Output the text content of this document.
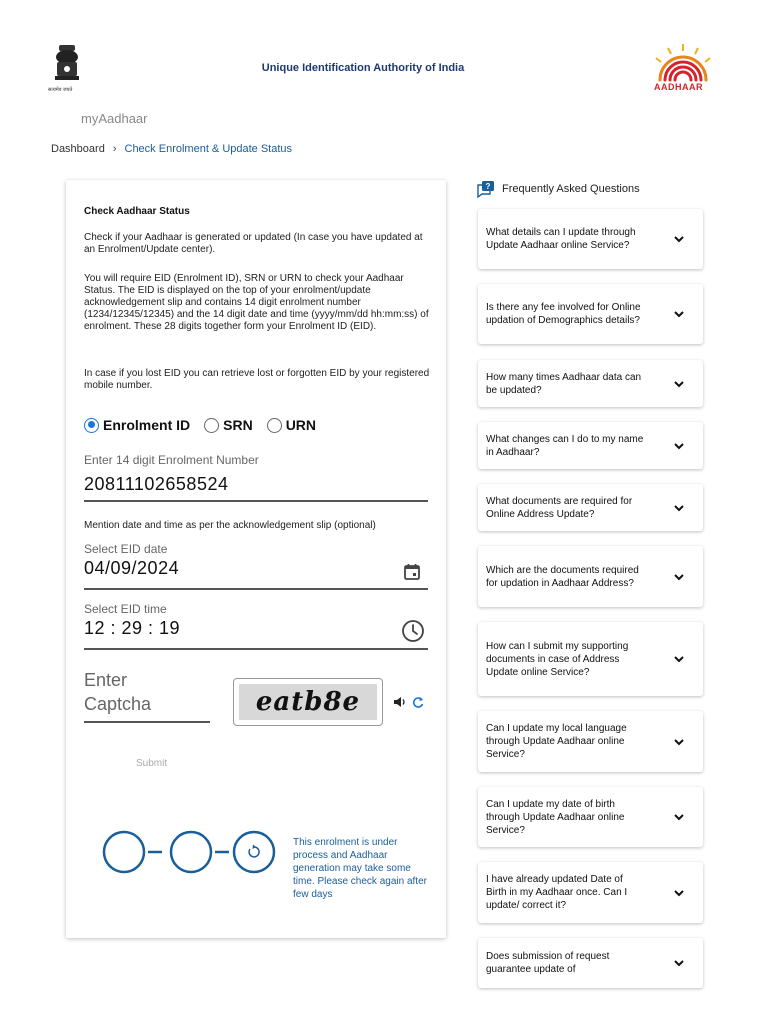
सत्यमेव जयते
Unique Identification Authority of India
AADHAAR
myAadhaar
Dashboard › Check Enrolment & Update Status
Check Aadhaar Status
Check if your Aadhaar is generated or updated (In case you have updated at an Enrolment/Update center).
You will require EID (Enrolment ID), SRN or URN to check your Aadhaar Status. The EID is displayed on the top of your enrolment/update acknowledgement slip and contains 14 digit enrolment number (1234/12345/12345) and the 14 digit date and time (yyyy/mm/dd hh:mm:ss) of enrolment. These 28 digits together form your Enrolment ID (EID).
In case if you lost EID you can retrieve lost or forgotten EID by your registered mobile number.
Enrolment ID SRN URN
Enter 14 digit Enrolment Number
20811102658524
Mention date and time as per the acknowledgement slip (optional)
Select EID date
04/09/2024
Select EID time
12 : 29 : 19
Enter
Captcha	eatb8e
Submit
This enrolment is under process and Aadhaar generation may take some time. Please check again after few days
? Frequently Asked Questions
What details can I update through Update Aadhaar online Service?
Is there any fee involved for Online updation of Demographics details?
How many times Aadhaar data can be updated?
What changes can I do to my name in Aadhaar?
What documents are required for Online Address Update?
Which are the documents required for updation in Aadhaar Address?
How can I submit my supporting documents in case of Address Update online Service?
Can I update my local language through Update Aadhaar online Service?
Can I update my date of birth through Update Aadhaar online Service?
I have already updated Date of Birth in my Aadhaar once. Can I update/ correct it?
Does submission of request guarantee update of
